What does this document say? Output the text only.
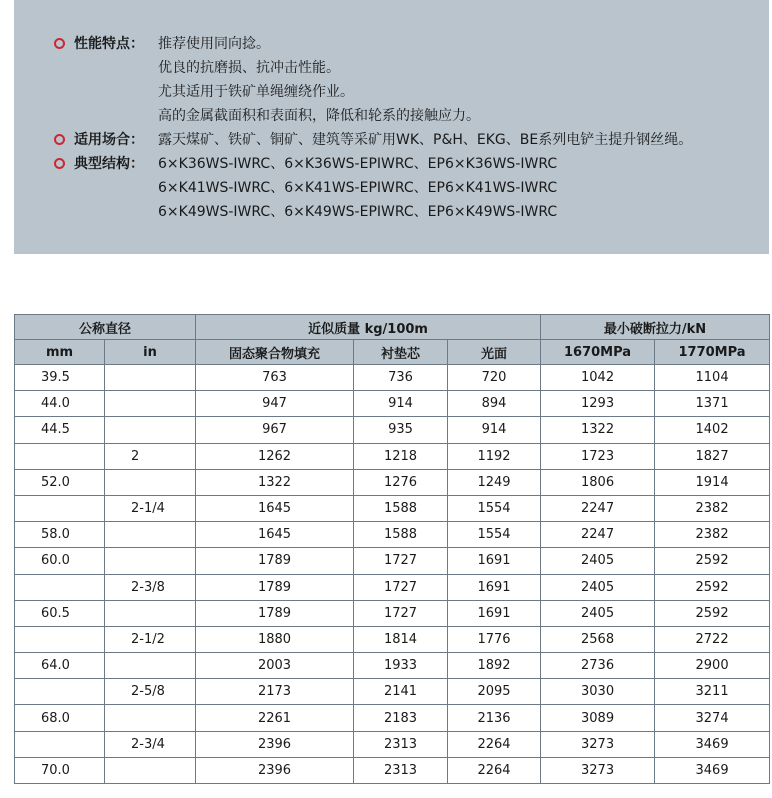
性能特点： 推荐使用同向捻。
优良的抗磨损、抗冲击性能。
尤其适用于铁矿单绳缠绕作业。
高的金属截面积和表面积，降低和轮系的接触应力。
适用场合： 露天煤矿、铁矿、铜矿、建筑等采矿用WK、P&H、EKG、BE系列电铲主提升钢丝绳。
典型结构： 6×K36WS-IWRC、6×K36WS-EPIWRC、EP6×K36WS-IWRC
6×K41WS-IWRC、6×K41WS-EPIWRC、EP6×K41WS-IWRC
6×K49WS-IWRC、6×K49WS-EPIWRC、EP6×K49WS-IWRC
公称直径		近似质量 kg/100m			最小破断拉力/kN	
mm	in	固态聚合物填充	衬垫芯	光面	1670MPa	1770MPa
39.5		763	736	720	1042	1104
44.0		947	914	894	1293	1371
44.5		967	935	914	1322	1402
	2	1262	1218	1192	1723	1827
52.0		1322	1276	1249	1806	1914
	2-1/4	1645	1588	1554	2247	2382
58.0		1645	1588	1554	2247	2382
60.0		1789	1727	1691	2405	2592
	2-3/8	1789	1727	1691	2405	2592
60.5		1789	1727	1691	2405	2592
	2-1/2	1880	1814	1776	2568	2722
64.0		2003	1933	1892	2736	2900
	2-5/8	2173	2141	2095	3030	3211
68.0		2261	2183	2136	3089	3274
	2-3/4	2396	2313	2264	3273	3469
70.0		2396	2313	2264	3273	3469
